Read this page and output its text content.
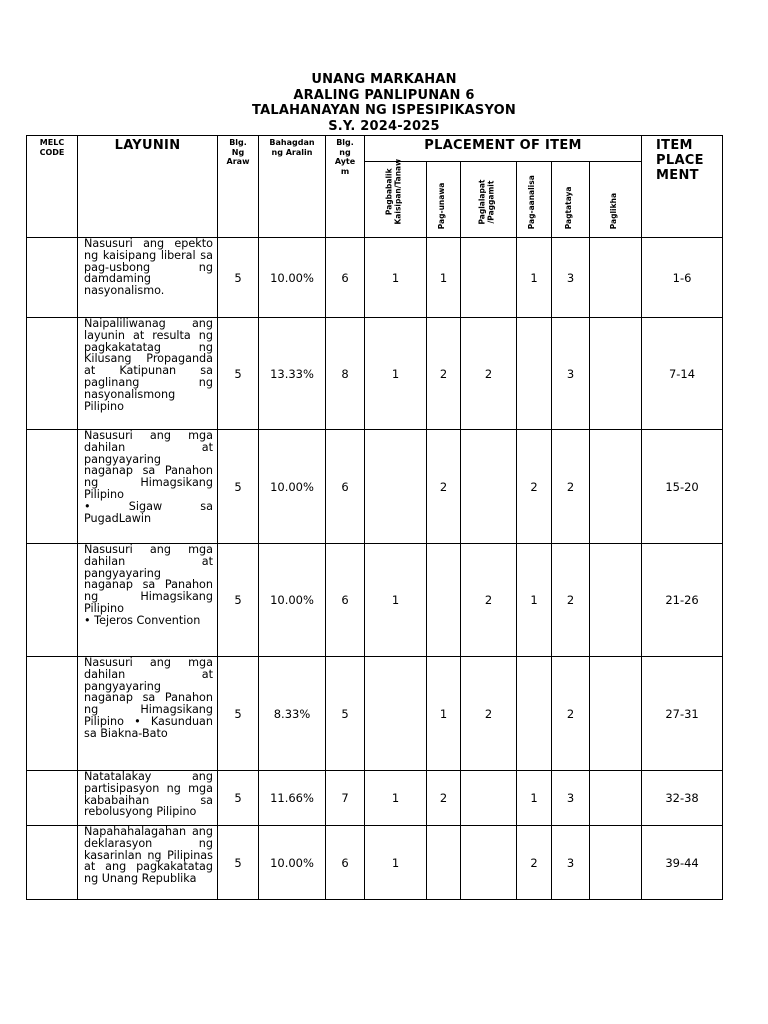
UNANG MARKAHAN
ARALING PANLIPUNAN 6
TALAHANAYAN NG ISPESIPIKASYON
S.Y. 2024-2025
MELC
CODE	LAYUNIN	Blg.
Ng
Araw	Bahagdan
ng Aralin	Blg.
ng
Ayte
m	PLACEMENT OF ITEM						ITEM
PLACE
MENT

					Pagbabalik
Kaisipan/Tanaw	Pag-unawa	Paglalapat
/Paggamit	Pag-aanalisa	Pagtataya	Paglikha	

	Nasusuri ang epekto ng kaisipang liberal sa pag-usbong ng damdaming nasyonalismo.	5	10.00%	6	1	1		1	3		1-6
	Naipaliliwanag ang layunin at resulta ng pagkakatatag ng Kilusang Propaganda at Katipunan sa paglinang ng nasyonalismong Pilipino	5	13.33%	8	1	2	2		3		7-14
	Nasusuri ang mga dahilan at pangyayaring naganap sa Panahon ng Himagsikang Pilipino
• Sigaw sa PugadLawin	5	10.00%	6		2		2	2		15-20
	Nasusuri ang mga dahilan at pangyayaring naganap sa Panahon ng Himagsikang Pilipino
• Tejeros Convention	5	10.00%	6	1		2	1	2		21-26
	Nasusuri ang mga dahilan at pangyayaring naganap sa Panahon ng Himagsikang Pilipino • Kasunduan sa Biakna-Bato	5	8.33%	5		1	2		2		27-31
	Natatalakay ang partisipasyon ng mga kababaihan sa rebolusyong Pilipino	5	11.66%	7	1	2		1	3		32-38
	Napahahalagahan ang deklarasyon ng kasarinlan ng Pilipinas at ang pagkakatatag ng Unang Republika	5	10.00%	6	1			2	3		39-44
